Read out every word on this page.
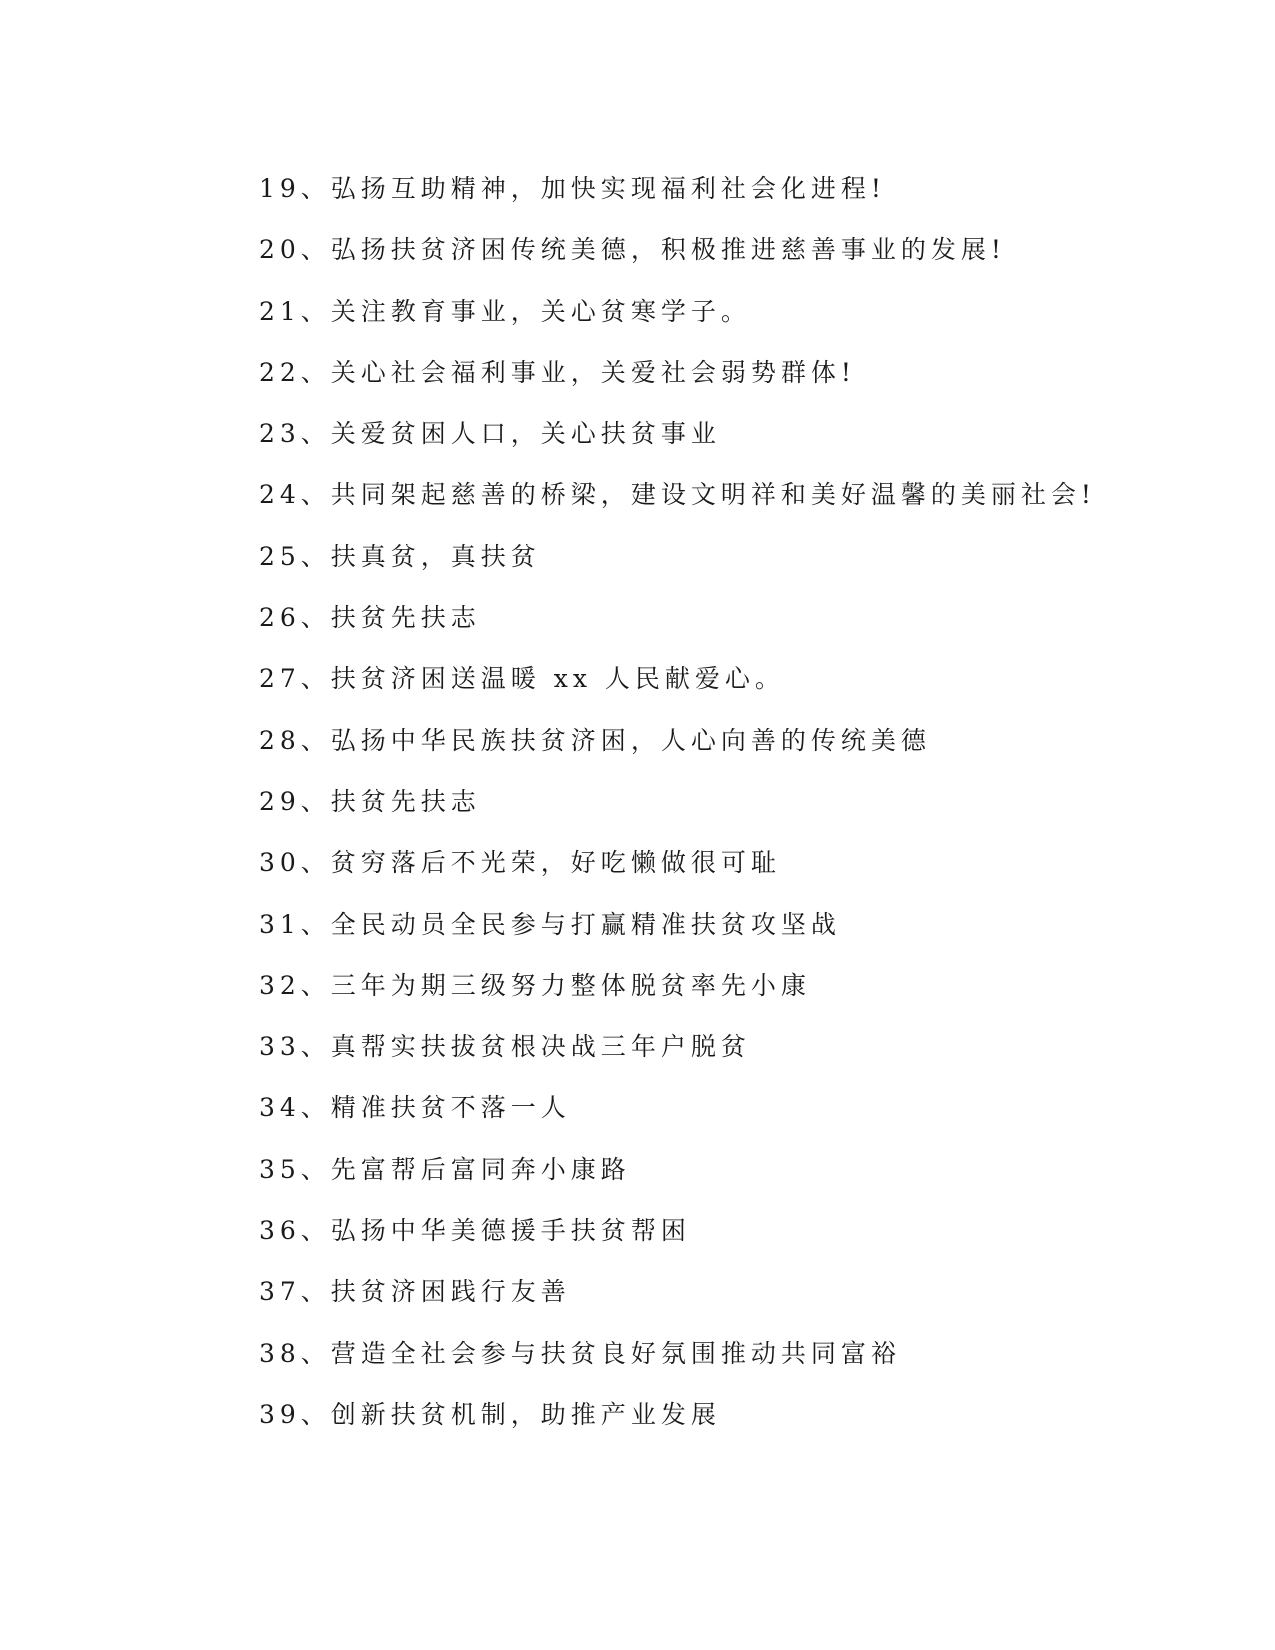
19、弘扬互助精神，加快实现福利社会化进程!
20、弘扬扶贫济困传统美德，积极推进慈善事业的发展!
21、关注教育事业，关心贫寒学子。
22、关心社会福利事业，关爱社会弱势群体!
23、关爱贫困人口，关心扶贫事业
24、共同架起慈善的桥梁，建设文明祥和美好温馨的美丽社会!
25、扶真贫，真扶贫
26、扶贫先扶志
27、扶贫济困送温暖 xx 人民献爱心。
28、弘扬中华民族扶贫济困，人心向善的传统美德
29、扶贫先扶志
30、贫穷落后不光荣，好吃懒做很可耻
31、全民动员全民参与打赢精准扶贫攻坚战
32、三年为期三级努力整体脱贫率先小康
33、真帮实扶拔贫根决战三年户脱贫
34、精准扶贫不落一人
35、先富帮后富同奔小康路
36、弘扬中华美德援手扶贫帮困
37、扶贫济困践行友善
38、营造全社会参与扶贫良好氛围推动共同富裕
39、创新扶贫机制，助推产业发展
